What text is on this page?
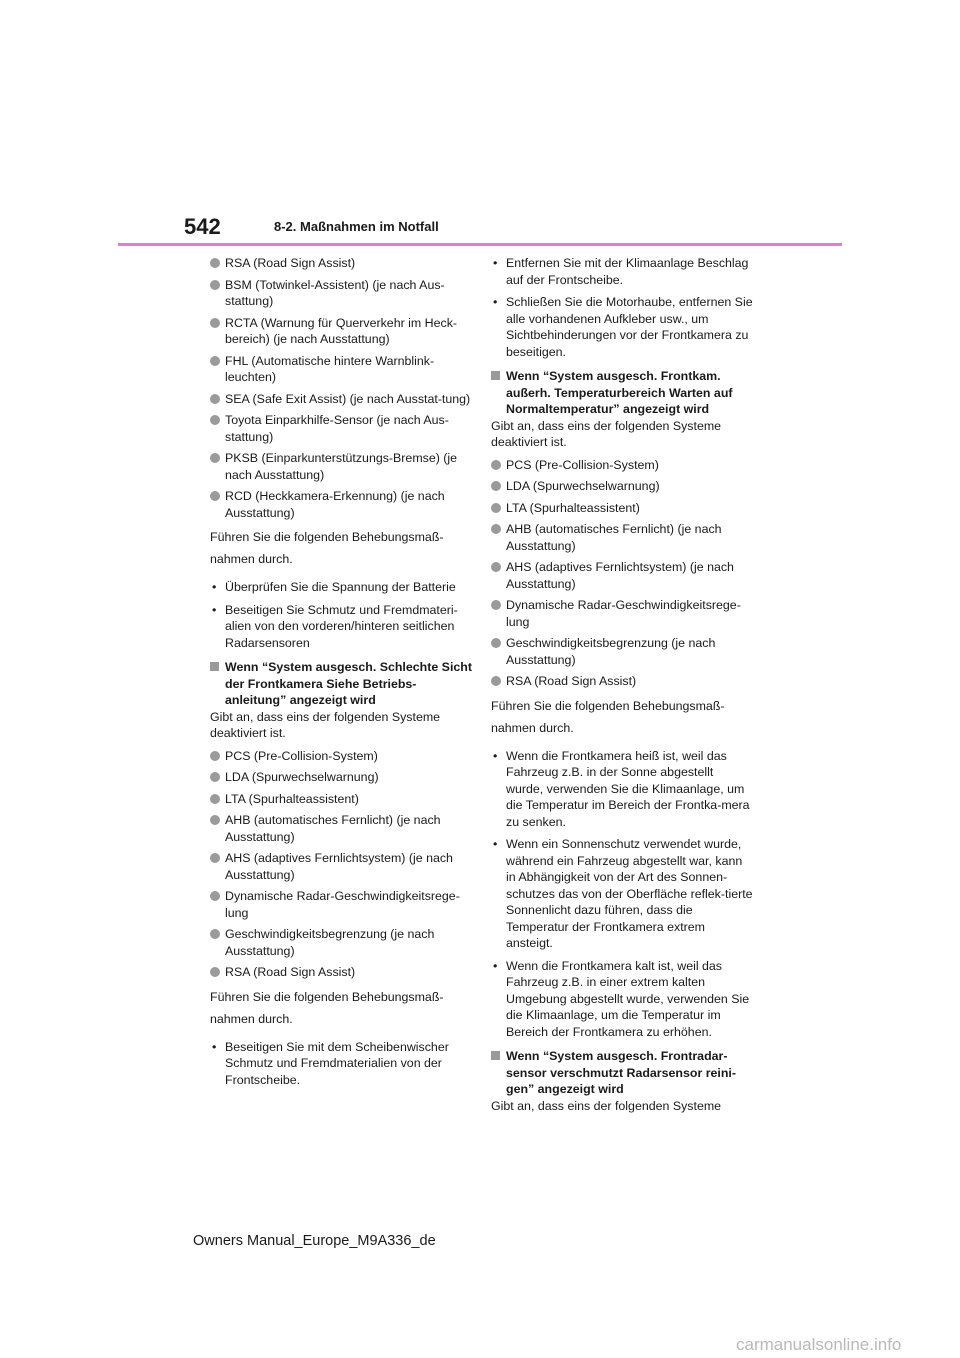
542	8-2. Maßnahmen im Notfall
RSA (Road Sign Assist)
BSM (Totwinkel-Assistent) (je nach Aus-stattung)
RCTA (Warnung für Querverkehr im Heck-bereich) (je nach Ausstattung)
FHL (Automatische hintere Warnblink-leuchten)
SEA (Safe Exit Assist) (je nach Ausstat-tung)
Toyota Einparkhilfe-Sensor (je nach Aus-stattung)
PKSB (Einparkunterstützungs-Bremse) (je nach Ausstattung)
RCD (Heckkamera-Erkennung) (je nach Ausstattung)
Führen Sie die folgenden Behebungsmaß-nahmen durch.
• Überprüfen Sie die Spannung der Batterie
• Beseitigen Sie Schmutz und Fremdmateri-alien von den vorderen/hinteren seitlichen Radarsensoren
Wenn “System ausgesch. Schlechte Sicht der Frontkamera Siehe Betriebs-anleitung” angezeigt wird
Gibt an, dass eins der folgenden Systeme deaktiviert ist.
PCS (Pre-Collision-System)
LDA (Spurwechselwarnung)
LTA (Spurhalteassistent)
AHB (automatisches Fernlicht) (je nach Ausstattung)
AHS (adaptives Fernlichtsystem) (je nach Ausstattung)
Dynamische Radar-Geschwindigkeitsrege-lung
Geschwindigkeitsbegrenzung (je nach Ausstattung)
RSA (Road Sign Assist)
Führen Sie die folgenden Behebungsmaß-nahmen durch.
• Beseitigen Sie mit dem Scheibenwischer Schmutz und Fremdmaterialien von der Frontscheibe.
• Entfernen Sie mit der Klimaanlage Beschlag auf der Frontscheibe.
• Schließen Sie die Motorhaube, entfernen Sie alle vorhandenen Aufkleber usw., um Sichtbehinderungen vor der Frontkamera zu beseitigen.
Wenn “System ausgesch. Frontkam. außerh. Temperaturbereich Warten auf Normaltemperatur” angezeigt wird
Gibt an, dass eins der folgenden Systeme deaktiviert ist.
PCS (Pre-Collision-System)
LDA (Spurwechselwarnung)
LTA (Spurhalteassistent)
AHB (automatisches Fernlicht) (je nach Ausstattung)
AHS (adaptives Fernlichtsystem) (je nach Ausstattung)
Dynamische Radar-Geschwindigkeitsrege-lung
Geschwindigkeitsbegrenzung (je nach Ausstattung)
RSA (Road Sign Assist)
Führen Sie die folgenden Behebungsmaß-nahmen durch.
• Wenn die Frontkamera heiß ist, weil das Fahrzeug z.B. in der Sonne abgestellt wurde, verwenden Sie die Klimaanlage, um die Temperatur im Bereich der Frontka-mera zu senken.
• Wenn ein Sonnenschutz verwendet wurde, während ein Fahrzeug abgestellt war, kann in Abhängigkeit von der Art des Sonnen-schutzes das von der Oberfläche reflek-tierte Sonnenlicht dazu führen, dass die Temperatur der Frontkamera extrem ansteigt.
• Wenn die Frontkamera kalt ist, weil das Fahrzeug z.B. in einer extrem kalten Umgebung abgestellt wurde, verwenden Sie die Klimaanlage, um die Temperatur im Bereich der Frontkamera zu erhöhen.
Wenn “System ausgesch. Frontradar-sensor verschmutzt Radarsensor reini-gen” angezeigt wird
Gibt an, dass eins der folgenden Systeme
Owners Manual_Europe_M9A336_de
carmanualsonline.info
